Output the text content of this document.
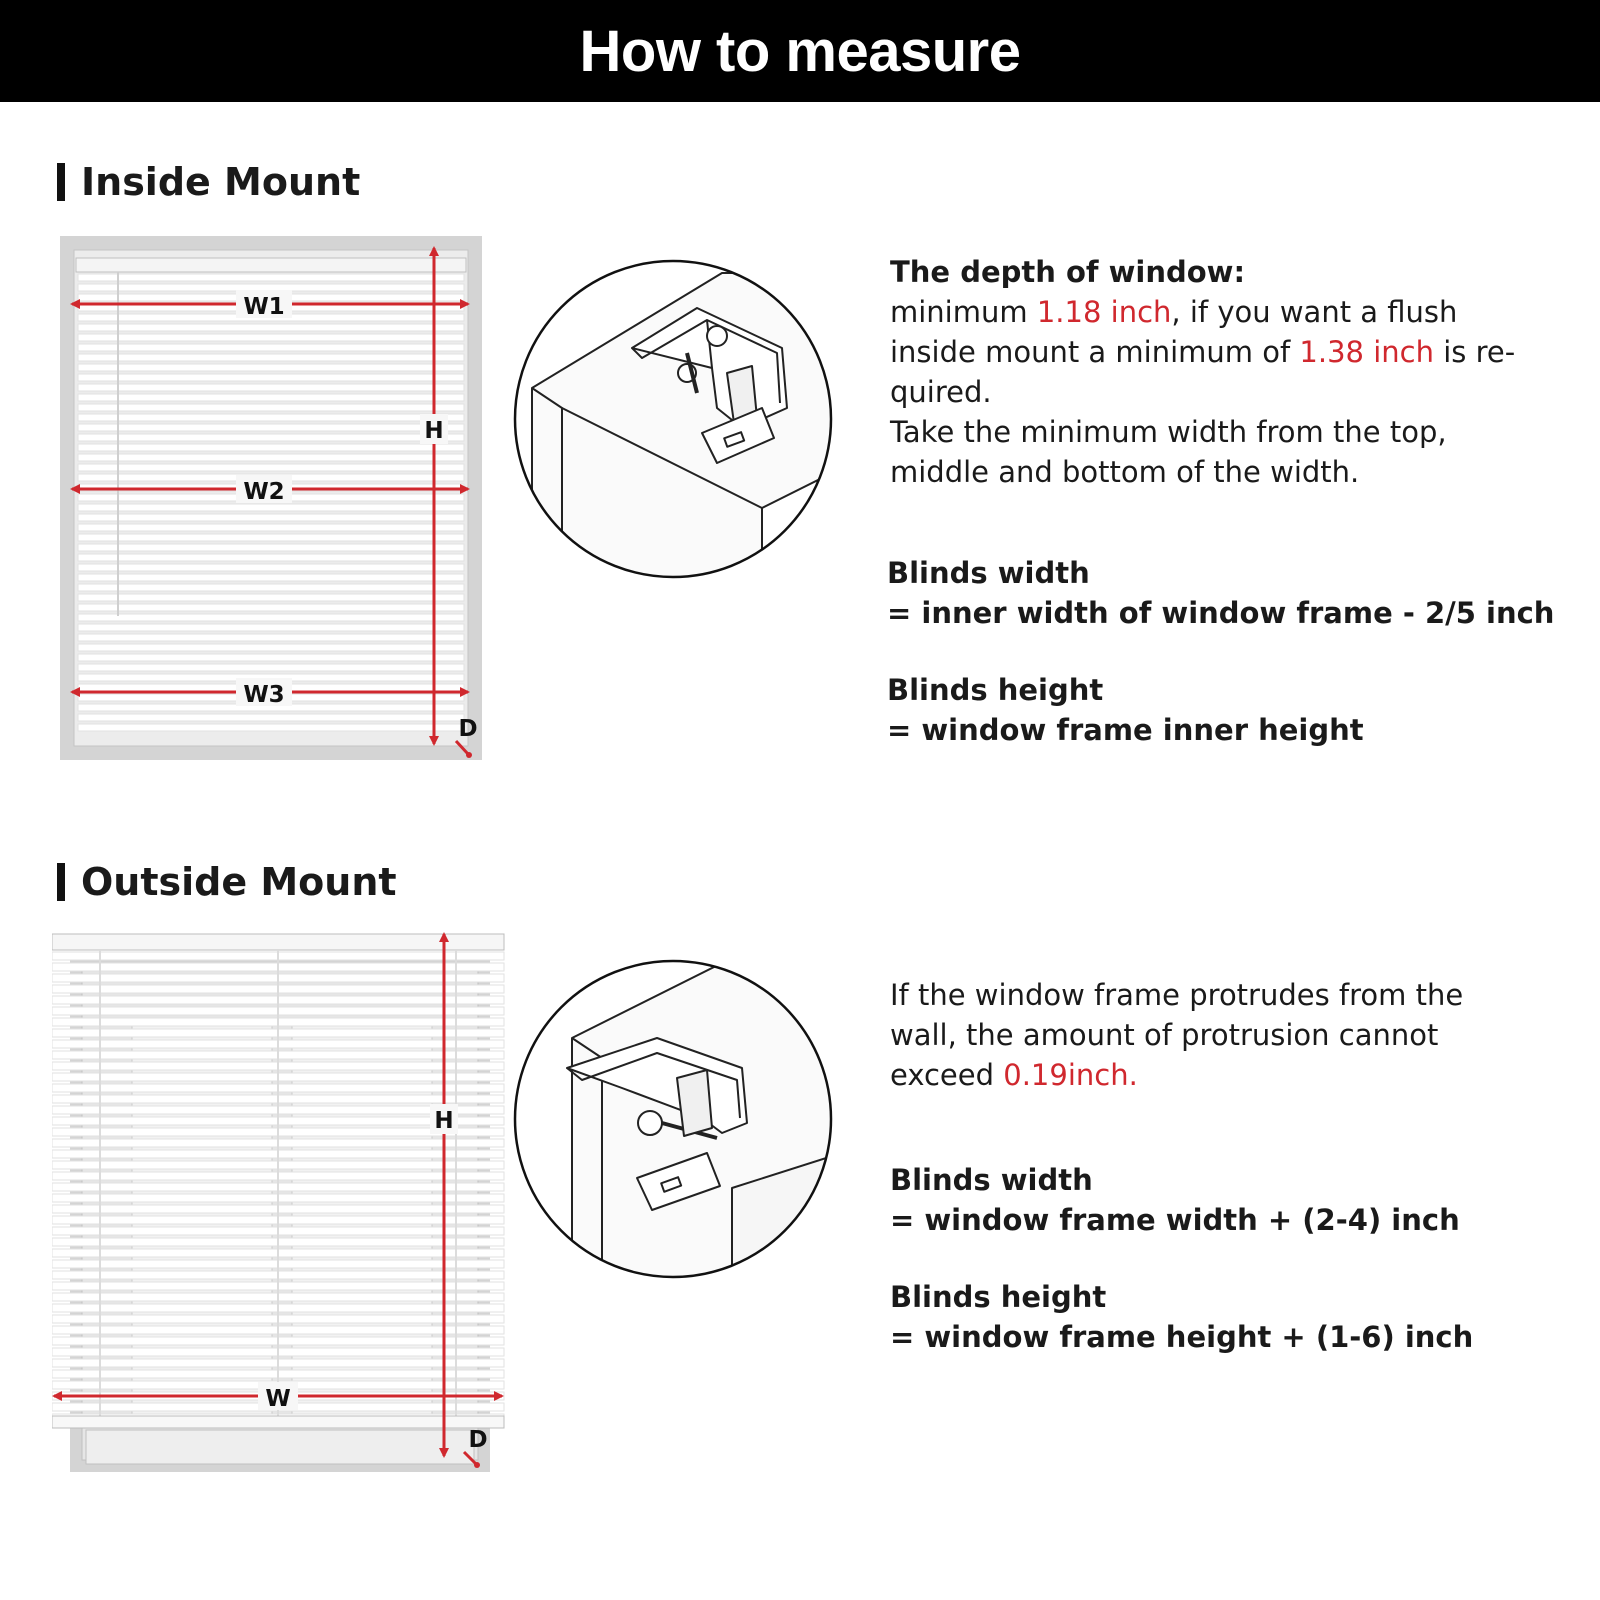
How to measure
Inside Mount
W1
W2
W3
H
D
The depth of window:
minimum 1.18 inch, if you want a flush
inside mount a minimum of 1.38 inch is re-
quired.
Take the minimum width from the top,
middle and bottom of the width.
Blinds width
= inner width of window frame - 2/5 inch
Blinds height
= window frame inner height
Outside Mount
W
H
D
If the window frame protrudes from the
wall, the amount of protrusion cannot
exceed 0.19inch.
Blinds width
= window frame width + (2-4) inch
Blinds height
= window frame height + (1-6) inch
